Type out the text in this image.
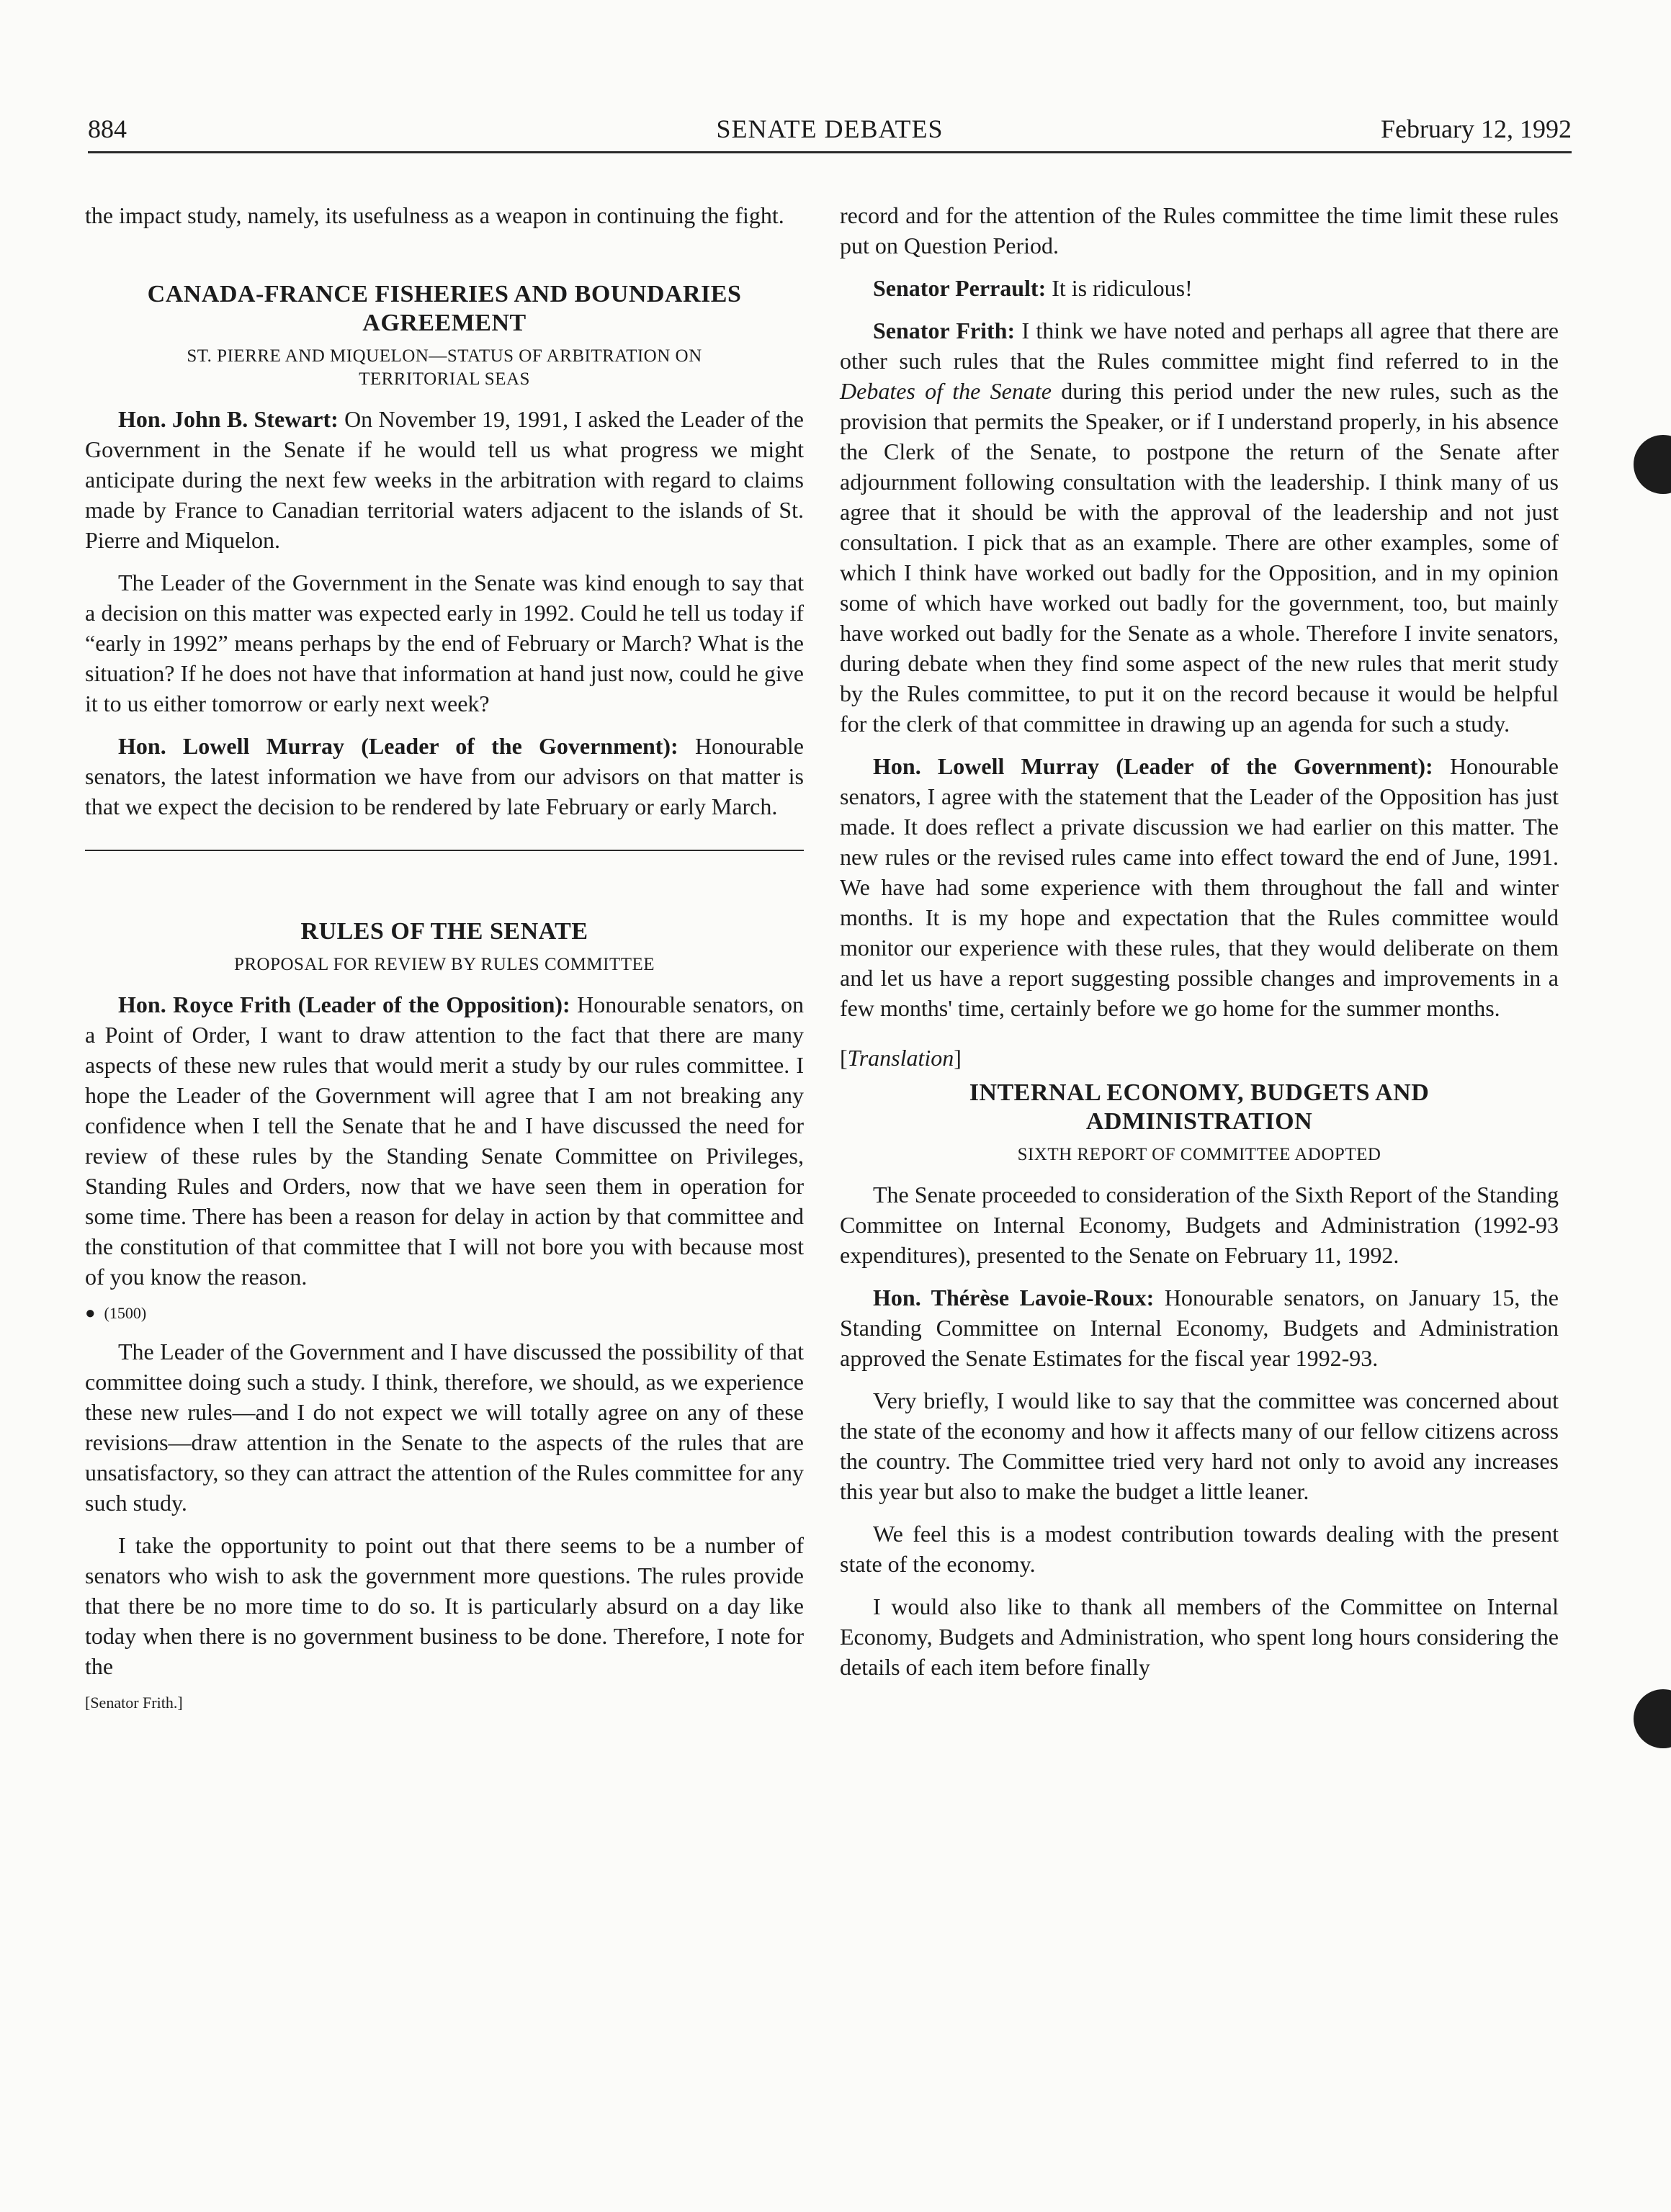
884	SENATE DEBATES	February 12, 1992

the impact study, namely, its usefulness as a weapon in continuing the fight.

CANADA-FRANCE FISHERIES AND BOUNDARIES
AGREEMENT
ST. PIERRE AND MIQUELON—STATUS OF ARBITRATION ON
TERRITORIAL SEAS

Hon. John B. Stewart: On November 19, 1991, I asked the Leader of the Government in the Senate if he would tell us what progress we might anticipate during the next few weeks in the arbitration with regard to claims made by France to Canadian territorial waters adjacent to the islands of St. Pierre and Miquelon.

The Leader of the Government in the Senate was kind enough to say that a decision on this matter was expected early in 1992. Could he tell us today if “early in 1992” means perhaps by the end of February or March? What is the situation? If he does not have that information at hand just now, could he give it to us either tomorrow or early next week?

Hon. Lowell Murray (Leader of the Government): Honourable senators, the latest information we have from our advisors on that matter is that we expect the decision to be rendered by late February or early March.

RULES OF THE SENATE
PROPOSAL FOR REVIEW BY RULES COMMITTEE

Hon. Royce Frith (Leader of the Opposition): Honourable senators, on a Point of Order, I want to draw attention to the fact that there are many aspects of these new rules that would merit a study by our rules committee. I hope the Leader of the Government will agree that I am not breaking any confidence when I tell the Senate that he and I have discussed the need for review of these rules by the Standing Senate Committee on Privileges, Standing Rules and Orders, now that we have seen them in operation for some time. There has been a reason for delay in action by that committee and the constitution of that committee that I will not bore you with because most of you know the reason.

● (1500)

The Leader of the Government and I have discussed the possibility of that committee doing such a study. I think, therefore, we should, as we experience these new rules—and I do not expect we will totally agree on any of these revisions—draw attention in the Senate to the aspects of the rules that are unsatisfactory, so they can attract the attention of the Rules committee for any such study.

I take the opportunity to point out that there seems to be a number of senators who wish to ask the government more questions. The rules provide that there be no more time to do so. It is particularly absurd on a day like today when there is no government business to be done. Therefore, I note for the

[Senator Frith.]

record and for the attention of the Rules committee the time limit these rules put on Question Period.

Senator Perrault: It is ridiculous!

Senator Frith: I think we have noted and perhaps all agree that there are other such rules that the Rules committee might find referred to in the Debates of the Senate during this period under the new rules, such as the provision that permits the Speaker, or if I understand properly, in his absence the Clerk of the Senate, to postpone the return of the Senate after adjournment following consultation with the leadership. I think many of us agree that it should be with the approval of the leadership and not just consultation. I pick that as an example. There are other examples, some of which I think have worked out badly for the Opposition, and in my opinion some of which have worked out badly for the government, too, but mainly have worked out badly for the Senate as a whole. Therefore I invite senators, during debate when they find some aspect of the new rules that merit study by the Rules committee, to put it on the record because it would be helpful for the clerk of that committee in drawing up an agenda for such a study.

Hon. Lowell Murray (Leader of the Government): Honourable senators, I agree with the statement that the Leader of the Opposition has just made. It does reflect a private discussion we had earlier on this matter. The new rules or the revised rules came into effect toward the end of June, 1991. We have had some experience with them throughout the fall and winter months. It is my hope and expectation that the Rules committee would monitor our experience with these rules, that they would deliberate on them and let us have a report suggesting possible changes and improvements in a few months' time, certainly before we go home for the summer months.

[Translation]
INTERNAL ECONOMY, BUDGETS AND
ADMINISTRATION
SIXTH REPORT OF COMMITTEE ADOPTED

The Senate proceeded to consideration of the Sixth Report of the Standing Committee on Internal Economy, Budgets and Administration (1992-93 expenditures), presented to the Senate on February 11, 1992.

Hon. Thérèse Lavoie-Roux: Honourable senators, on January 15, the Standing Committee on Internal Economy, Budgets and Administration approved the Senate Estimates for the fiscal year 1992-93.

Very briefly, I would like to say that the committee was concerned about the state of the economy and how it affects many of our fellow citizens across the country. The Committee tried very hard not only to avoid any increases this year but also to make the budget a little leaner.

We feel this is a modest contribution towards dealing with the present state of the economy.

I would also like to thank all members of the Committee on Internal Economy, Budgets and Administration, who spent long hours considering the details of each item before finally
